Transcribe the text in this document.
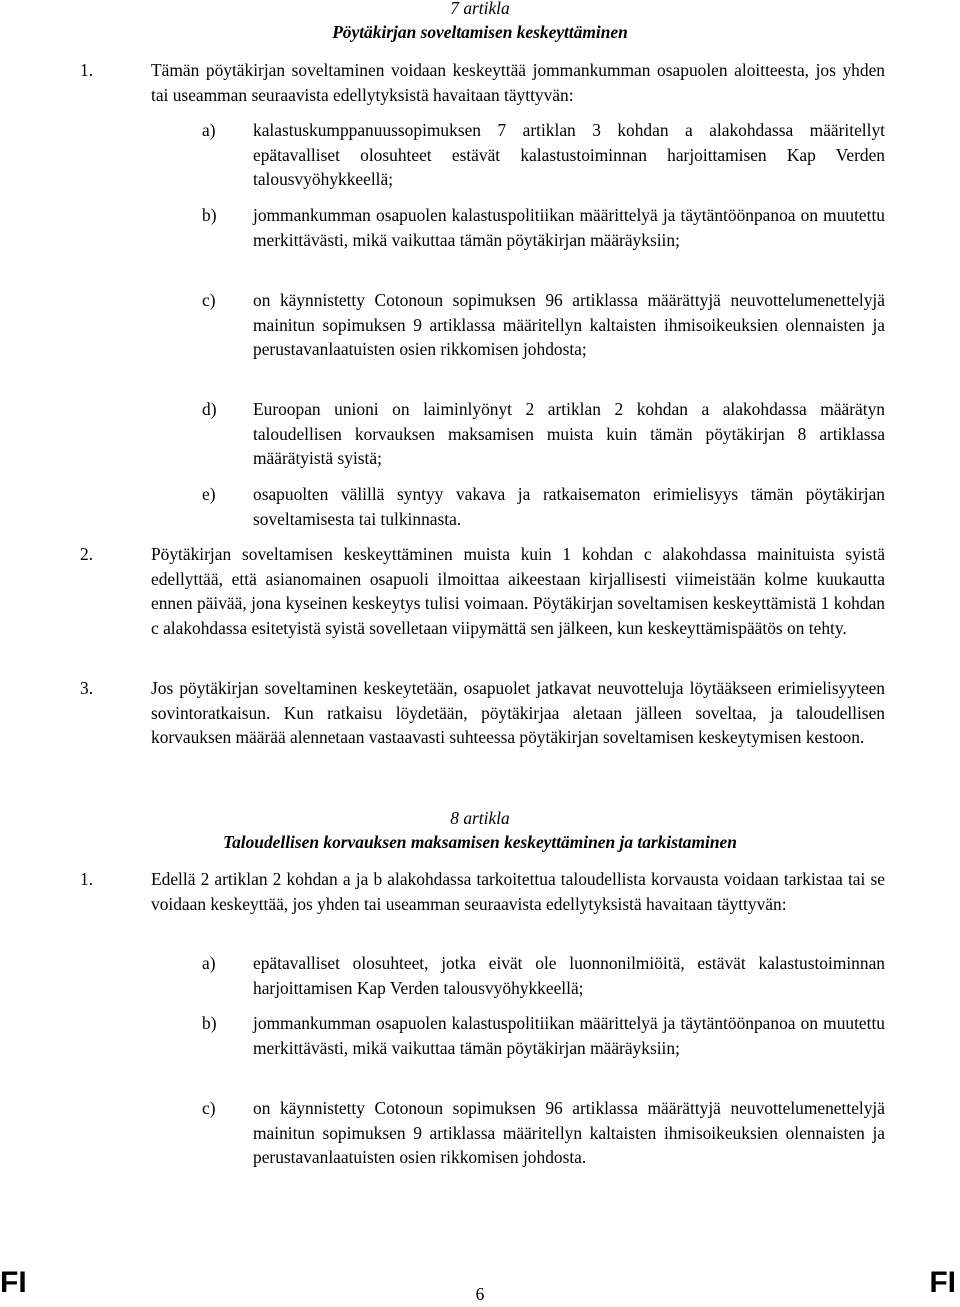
7 artikla
Pöytäkirjan soveltamisen keskeyttäminen
1.	Tämän pöytäkirjan soveltaminen voidaan keskeyttää jommankumman osapuolen aloitteesta, jos yhden tai useamman seuraavista edellytyksistä havaitaan täyttyvän:
a) kalastuskumppanuussopimuksen 7 artiklan 3 kohdan a alakohdassa määritellyt epätavalliset olosuhteet estävät kalastustoiminnan harjoittamisen Kap Verden talousvyöhykkeellä;
b) jommankumman osapuolen kalastuspolitiikan määrittelyä ja täytäntöönpanoa on muutettu merkittävästi, mikä vaikuttaa tämän pöytäkirjan määräyksiin;
c) on käynnistetty Cotonoun sopimuksen 96 artiklassa määrättyjä neuvottelumenettelyjä mainitun sopimuksen 9 artiklassa määritellyn kaltaisten ihmisoikeuksien olennaisten ja perustavanlaatuisten osien rikkomisen johdosta;
d) Euroopan unioni on laiminlyönyt 2 artiklan 2 kohdan a alakohdassa määrätyn taloudellisen korvauksen maksamisen muista kuin tämän pöytäkirjan 8 artiklassa määrätyistä syistä;
e) osapuolten välillä syntyy vakava ja ratkaisematon erimielisyys tämän pöytäkirjan soveltamisesta tai tulkinnasta.
2.	Pöytäkirjan soveltamisen keskeyttäminen muista kuin 1 kohdan c alakohdassa mainituista syistä edellyttää, että asianomainen osapuoli ilmoittaa aikeestaan kirjallisesti viimeistään kolme kuukautta ennen päivää, jona kyseinen keskeytys tulisi voimaan. Pöytäkirjan soveltamisen keskeyttämistä 1 kohdan c alakohdassa esitetyistä syistä sovelletaan viipymättä sen jälkeen, kun keskeyttämispäätös on tehty.
3.	Jos pöytäkirjan soveltaminen keskeytetään, osapuolet jatkavat neuvotteluja löytääkseen erimielisyyteen sovintoratkaisun. Kun ratkaisu löydetään, pöytäkirjaa aletaan jälleen soveltaa, ja taloudellisen korvauksen määrää alennetaan vastaavasti suhteessa pöytäkirjan soveltamisen keskeytymisen kestoon.
8 artikla
Taloudellisen korvauksen maksamisen keskeyttäminen ja tarkistaminen
1.	Edellä 2 artiklan 2 kohdan a ja b alakohdassa tarkoitettua taloudellista korvausta voidaan tarkistaa tai se voidaan keskeyttää, jos yhden tai useamman seuraavista edellytyksistä havaitaan täyttyvän:
a) epätavalliset olosuhteet, jotka eivät ole luonnonilmiöitä, estävät kalastustoiminnan harjoittamisen Kap Verden talousvyöhykkeellä;
b) jommankumman osapuolen kalastuspolitiikan määrittelyä ja täytäntöönpanoa on muutettu merkittävästi, mikä vaikuttaa tämän pöytäkirjan määräyksiin;
c) on käynnistetty Cotonoun sopimuksen 96 artiklassa määrättyjä neuvottelumenettelyjä mainitun sopimuksen 9 artiklassa määritellyn kaltaisten ihmisoikeuksien olennaisten ja perustavanlaatuisten osien rikkomisen johdosta.
FI	6	FI
